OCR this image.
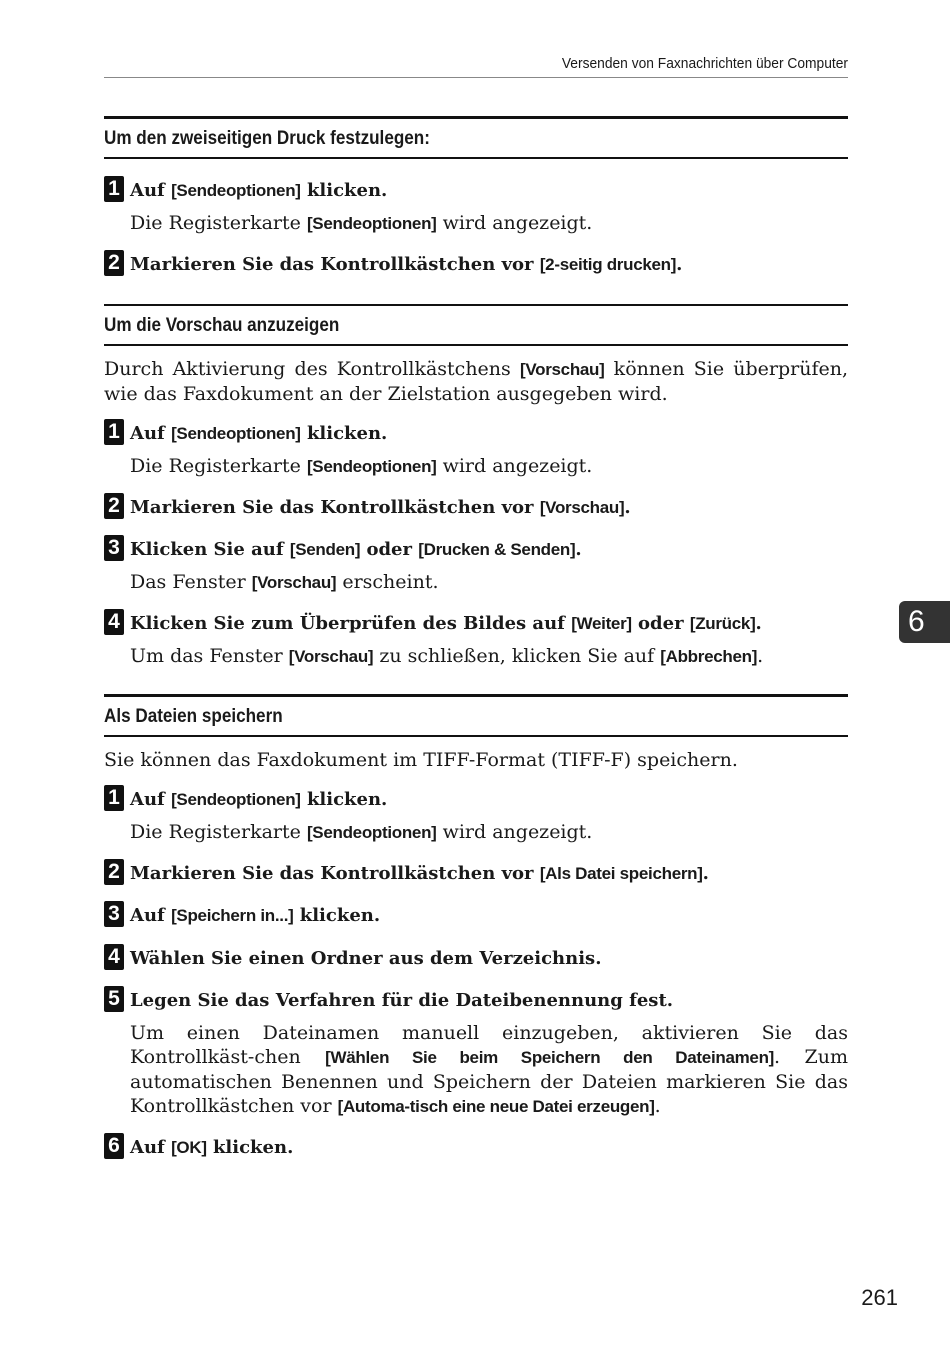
Versenden von Faxnachrichten über Computer
Um den zweiseitigen Druck festzulegen:
1 Auf [Sendeoptionen] klicken.
Die Registerkarte [Sendeoptionen] wird angezeigt.
2 Markieren Sie das Kontrollkästchen vor [2-seitig drucken].
Um die Vorschau anzuzeigen
Durch Aktivierung des Kontrollkästchens [Vorschau] können Sie überprüfen, wie das Faxdokument an der Zielstation ausgegeben wird.
1 Auf [Sendeoptionen] klicken.
Die Registerkarte [Sendeoptionen] wird angezeigt.
2 Markieren Sie das Kontrollkästchen vor [Vorschau].
3 Klicken Sie auf [Senden] oder [Drucken & Senden].
Das Fenster [Vorschau] erscheint.
4 Klicken Sie zum Überprüfen des Bildes auf [Weiter] oder [Zurück].
Um das Fenster [Vorschau] zu schließen, klicken Sie auf [Abbrechen].
Als Dateien speichern
Sie können das Faxdokument im TIFF-Format (TIFF-F) speichern.
1 Auf [Sendeoptionen] klicken.
Die Registerkarte [Sendeoptionen] wird angezeigt.
2 Markieren Sie das Kontrollkästchen vor [Als Datei speichern].
3 Auf [Speichern in...] klicken.
4 Wählen Sie einen Ordner aus dem Verzeichnis.
5 Legen Sie das Verfahren für die Dateibenennung fest.
Um einen Dateinamen manuell einzugeben, aktivieren Sie das Kontrollkäst-chen [Wählen Sie beim Speichern den Dateinamen]. Zum automatischen Benennen und Speichern der Dateien markieren Sie das Kontrollkästchen vor [Automa-tisch eine neue Datei erzeugen].
6 Auf [OK] klicken.
6
261
